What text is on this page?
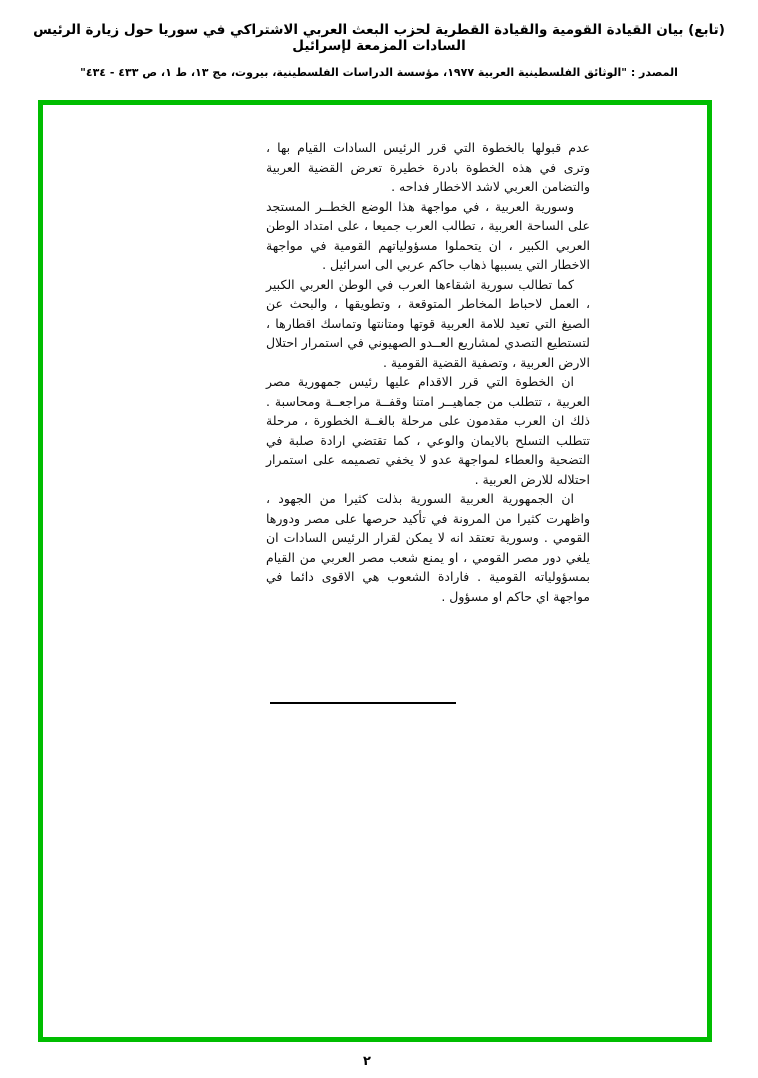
(تابع) بيان القيادة القومية والقيادة القطرية لحزب البعث العربي الاشتراكي في سوريا حول زيارة الرئيس السادات المزمعة لإسرائيل
المصدر : "الوثائق الفلسطينية العربية ١٩٧٧، مؤسسة الدراسات الفلسطينية، بيروت، مج ١٣، ط ١، ص ٤٣٣ - ٤٣٤"

عدم قبولها بالخطوة التي قرر الرئيس السادات القيام بها ، وترى في هذه الخطوة بادرة خطيرة تعرض القضية العربية والتضامن العربي لاشد الاخطار فداحه .

وسورية العربية ، في مواجهة هذا الوضع الخطــر المستجد على الساحة العربية ، تطالب العرب جميعا ، على امتداد الوطن العربي الكبير ، ان يتحملوا مسؤولياتهم القومية في مواجهة الاخطار التي يسببها ذهاب حاكم عربي الى اسرائيل .

كما تطالب سورية اشقاءها العرب في الوطن العربي الكبير ، العمل لاحباط المخاطر المتوقعة ، وتطويقها ، والبحث عن الصيغ التي تعيد للامة العربية قوتها ومتانتها وتماسك اقطارها ، لتستطيع التصدي لمشاريع العــدو الصهيوني في استمرار احتلال الارض العربية ، وتصفية القضية القومية .

ان الخطوة التي قرر الاقدام عليها رئيس جمهورية مصر العربية ، تتطلب من جماهيــر امتنا وقفــة مراجعــة ومحاسبة . ذلك ان العرب مقدمون على مرحلة بالغــة الخطورة ، مرحلة تتطلب التسلح بالايمان والوعي ، كما تقتضي ارادة صلبة في التضحية والعطاء لمواجهة عدو لا يخفي تصميمه على استمرار احتلاله للارض العربية .

ان الجمهورية العربية السورية بذلت كثيرا من الجهود ، واظهرت كثيرا من المرونة في تأكيد حرصها على مصر ودورها القومي . وسورية تعتقد انه لا يمكن لقرار الرئيس السادات ان يلغي دور مصر القومي ، او يمنع شعب مصر العربي من القيام بمسؤولياته القومية . فارادة الشعوب هي الاقوى دائما في مواجهة اي حاكم او مسؤول .

٢
